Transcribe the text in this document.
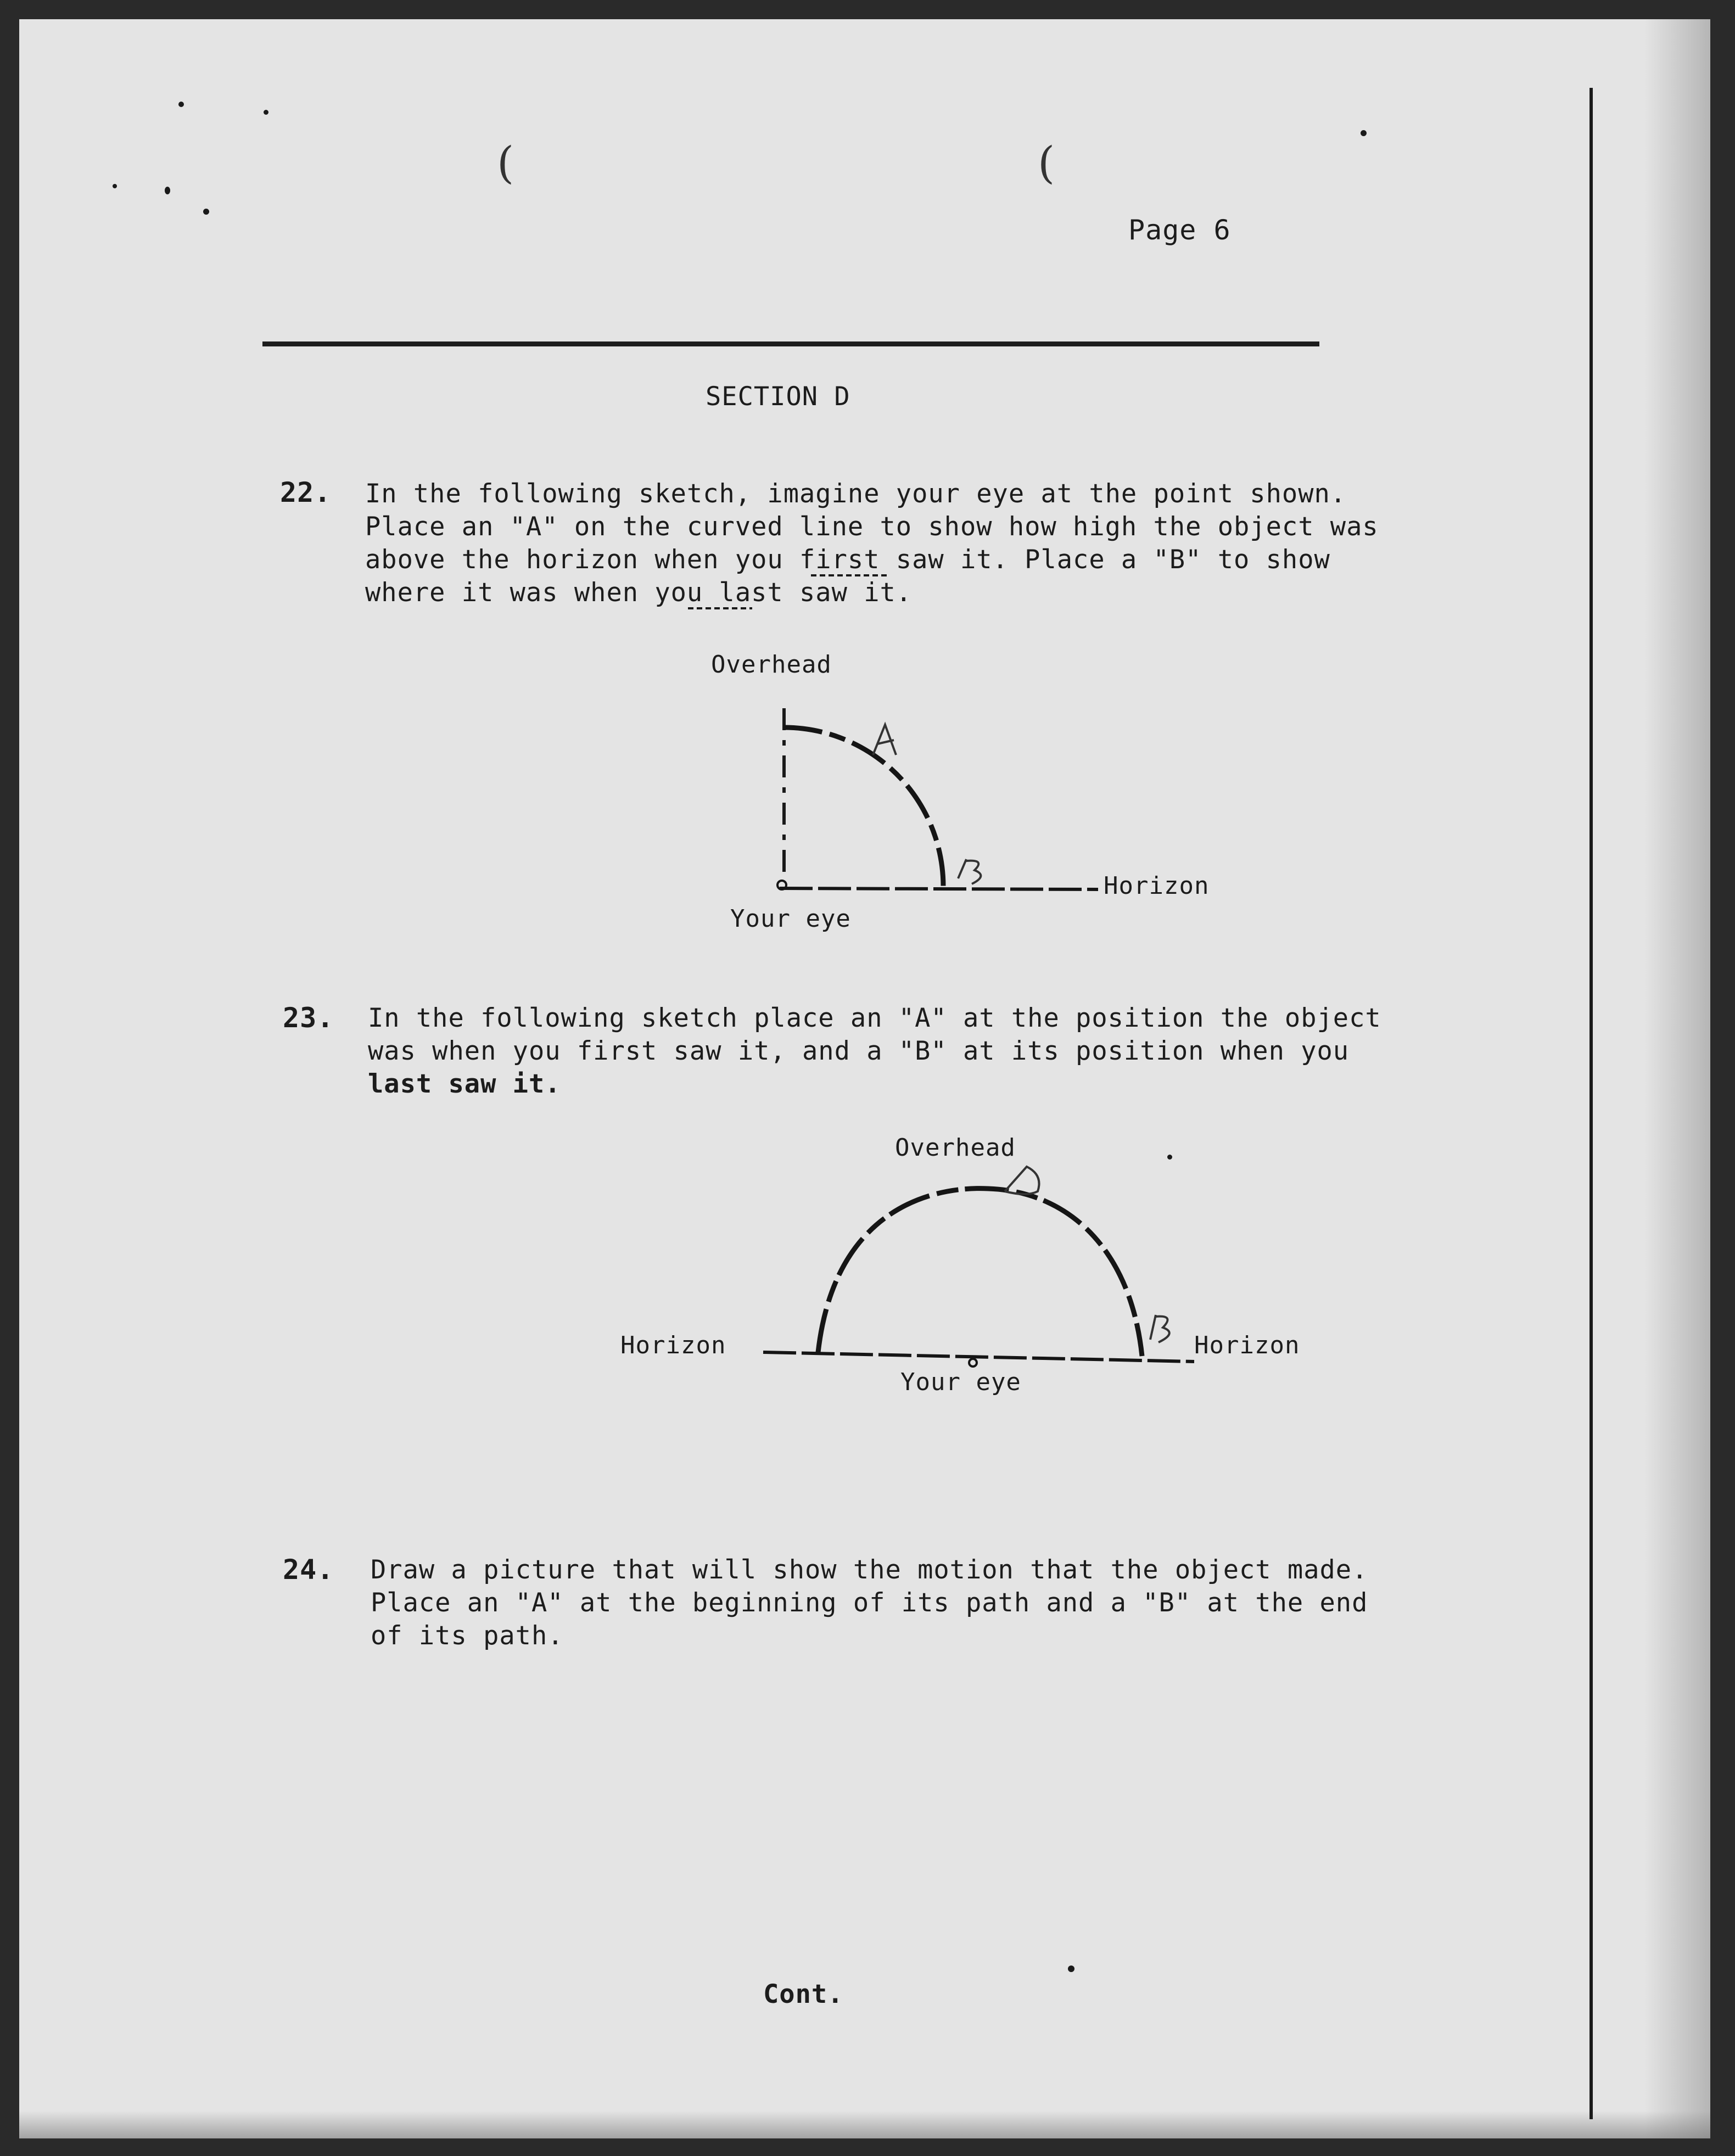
(	(
Page 6
SECTION D
22. In the following sketch, imagine your eye at the point shown.
Place an "A" on the curved line to show how high the object was
above the horizon when you first saw it. Place a "B" to show
where it was when you last saw it.
Overhead
Horizon
Your eye
23. In the following sketch place an "A" at the position the object
was when you first saw it, and a "B" at its position when you
last saw it.
Overhead
Horizon	Horizon
Your eye
24. Draw a picture that will show the motion that the object made.
Place an "A" at the beginning of its path and a "B" at the end
of its path.
Cont.
